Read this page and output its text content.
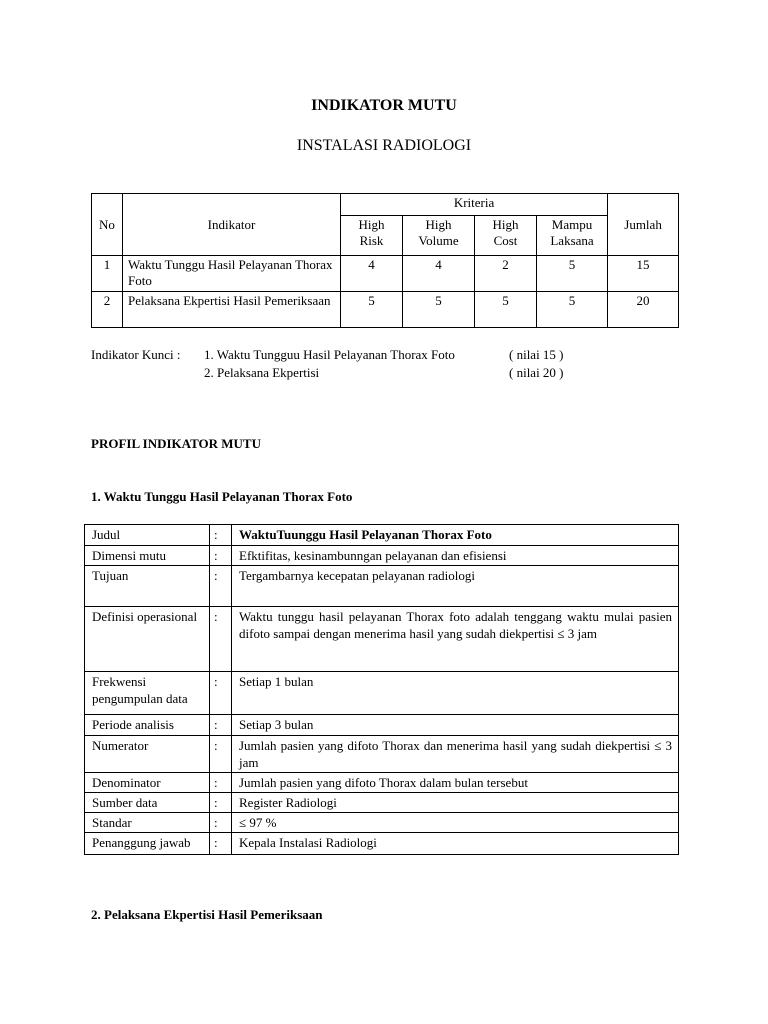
INDIKATOR MUTU
INSTALASI RADIOLOGI
No	Indikator	Kriteria				Jumlah
		High Risk	High Volume	High Cost	Mampu Laksana	
1	Waktu Tunggu Hasil Pelayanan Thorax Foto	4	4	2	5	15
2	Pelaksana Ekpertisi Hasil Pemeriksaan	5	5	5	5	20
Indikator Kunci : 1. Waktu Tungguu Hasil Pelayanan Thorax Foto	( nilai 15 )
2. Pelaksana Ekpertisi	( nilai 20 )
PROFIL INDIKATOR MUTU
1. Waktu Tunggu Hasil Pelayanan Thorax Foto
Judul	:	WaktuTuunggu Hasil Pelayanan Thorax Foto
Dimensi mutu	:	Efktifitas, kesinambunngan pelayanan dan efisiensi
Tujuan	:	Tergambarnya kecepatan pelayanan radiologi
Definisi operasional	:	Waktu tunggu hasil pelayanan Thorax foto adalah tenggang waktu mulai pasien difoto sampai dengan menerima hasil yang sudah diekpertisi ≤ 3 jam
Frekwensi pengumpulan data	:	Setiap 1 bulan
Periode analisis	:	Setiap 3 bulan
Numerator	:	Jumlah pasien yang difoto Thorax dan menerima hasil yang sudah diekpertisi ≤ 3 jam
Denominator	:	Jumlah pasien yang difoto Thorax dalam bulan tersebut
Sumber data	:	Register Radiologi
Standar	:	≤ 97 %
Penanggung jawab	:	Kepala Instalasi Radiologi
2. Pelaksana Ekpertisi Hasil Pemeriksaan
